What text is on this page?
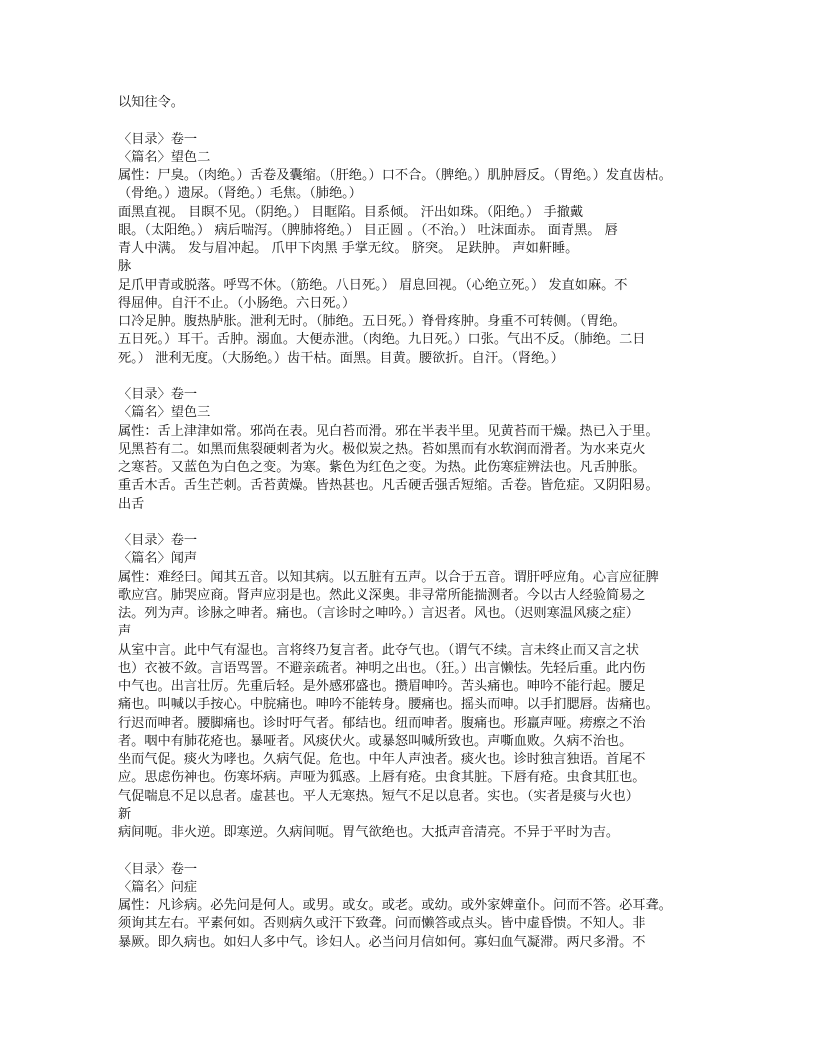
以知往令。
〈目录〉卷一
〈篇名〉望色二
属性：尸臭。（肉绝。）舌卷及囊缩。（肝绝。）口不合。（脾绝。）肌肿唇反。（胃绝。）发直齿枯。
（骨绝。）遗尿。（肾绝。）毛焦。（肺绝。）
面黑直视。 目瞑不见。（阴绝。） 目眶陷。目系倾。 汗出如珠。（阳绝。） 手撤戴
眼。（太阳绝。） 病后喘泻。（脾肺将绝。） 目正圆 。（不治。） 吐沫面赤。 面青黑。 唇
青人中满。 发与眉冲起。 爪甲下肉黑 手掌无纹。 脐突。 足趺肿。 声如鼾睡。
脉
足爪甲青或脱落。呼骂不休。（筋绝。八日死。） 眉息回视。（心绝立死。） 发直如麻。不
得屈伸。自汗不止。（小肠绝。六日死。）
口冷足肿。腹热胪胀。泄利无时。（肺绝。五日死。）脊骨疼肿。身重不可转侧。（胃绝。
五日死。）耳干。舌肿。溺血。大便赤泄。（肉绝。九日死。）口张。气出不反。（肺绝。二日
死。） 泄利无度。（大肠绝。）齿干枯。面黑。目黄。腰欲折。自汗。（肾绝。）
〈目录〉卷一
〈篇名〉望色三
属性：舌上津津如常。邪尚在表。见白苔而滑。邪在半表半里。见黄苔而干燥。热已入于里。
见黑苔有二。如黑而焦裂硬刺者为火。极似炭之热。苔如黑而有水软润而滑者。为水来克火
之寒苔。又蓝色为白色之变。为寒。紫色为红色之变。为热。此伤寒症辨法也。凡舌肿胀。
重舌木舌。舌生芒刺。舌苔黄燥。皆热甚也。凡舌硬舌强舌短缩。舌卷。皆危症。又阴阳易。
出舌
〈目录〉卷一
〈篇名〉闻声
属性：难经曰。闻其五音。以知其病。以五脏有五声。以合于五音。谓肝呼应角。心言应征脾
歌应宫。肺哭应商。肾声应羽是也。然此义深奥。非寻常所能揣测者。今以古人经验简易之
法。列为声。诊脉之呻者。痛也。（言诊时之呻吟。）言迟者。风也。（迟则寒温风痰之症）
声
从室中言。此中气有湿也。言将终乃复言者。此夺气也。（谓气不续。言未终止而又言之状
也）衣被不敛。言语骂詈。不避亲疏者。神明之出也。（狂。）出言懒怯。先轻后重。此内伤
中气也。出言壮厉。先重后轻。是外感邪盛也。攒眉呻吟。苦头痛也。呻吟不能行起。腰足
痛也。叫喊以手按心。中脘痛也。呻吟不能转身。腰痛也。摇头而呻。以手扪腮唇。齿痛也。
行迟而呻者。腰脚痛也。诊时吁气者。郁结也。纽而呻者。腹痛也。形羸声哑。痨瘵之不治
者。咽中有肺花疮也。暴哑者。风痰伏火。或暴怒叫喊所致也。声嘶血败。久病不治也。
坐而气促。痰火为哮也。久病气促。危也。中年人声浊者。痰火也。诊时独言独语。首尾不
应。思虑伤神也。伤寒坏病。声哑为狐惑。上唇有疮。虫食其脏。下唇有疮。虫食其肛也。
气促喘息不足以息者。虚甚也。平人无寒热。短气不足以息者。实也。（实者是痰与火也）
新
病间呃。非火逆。即寒逆。久病间呃。胃气欲绝也。大抵声音清亮。不异于平时为吉。
〈目录〉卷一
〈篇名〉问症
属性：凡诊病。必先问是何人。或男。或女。或老。或幼。或外家婢童仆。问而不答。必耳聋。
须询其左右。平素何如。否则病久或汗下致聋。问而懒答或点头。皆中虚昏愦。不知人。非
暴厥。即久病也。如妇人多中气。诊妇人。必当问月信如何。寡妇血气凝滞。两尺多滑。不
